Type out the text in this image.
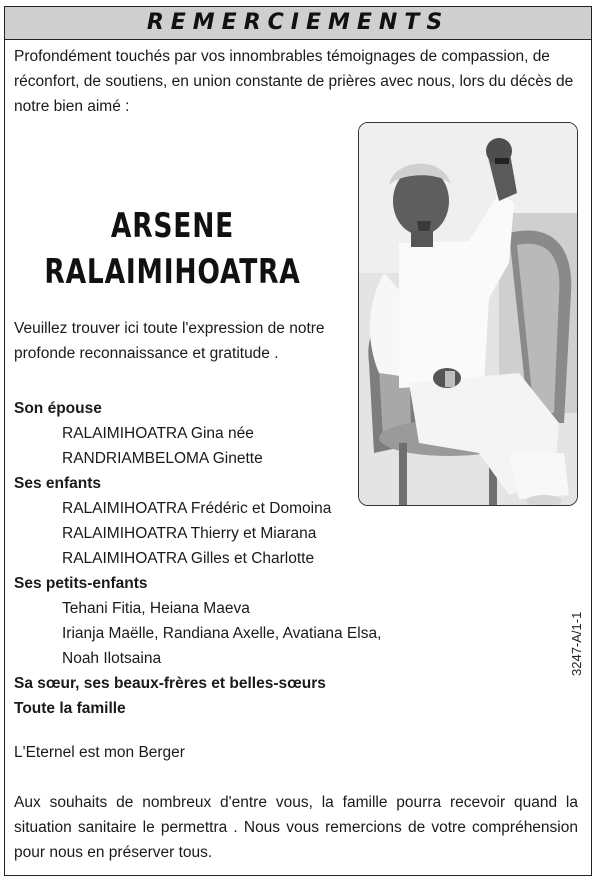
REMERCIEMENTS
Profondément touchés par vos innombrables témoignages de compassion, de réconfort, de soutiens, en union constante de prières avec nous, lors du décès de notre bien aimé :
ARSENE
RALAIMIHOATRA
Veuillez trouver ici toute l'expression de notre profonde reconnaissance et gratitude .
Son épouse
RALAIMIHOATRA Gina née
RANDRIAMBELOMA Ginette
Ses enfants
RALAIMIHOATRA Frédéric et Domoina
RALAIMIHOATRA Thierry et Miarana
RALAIMIHOATRA Gilles et Charlotte
Ses petits-enfants
Tehani Fitia, Heiana Maeva
Irianja Maëlle, Randiana Axelle, Avatiana Elsa,
Noah Ilotsaina
Sa sœur, ses beaux-frères et belles-sœurs
Toute la famille
3247-A/1-1
L'Eternel est mon Berger
Aux souhaits de nombreux d'entre vous, la famille pourra recevoir quand la situation sanitaire le permettra . Nous vous remercions de votre compréhension pour nous en préserver tous.
